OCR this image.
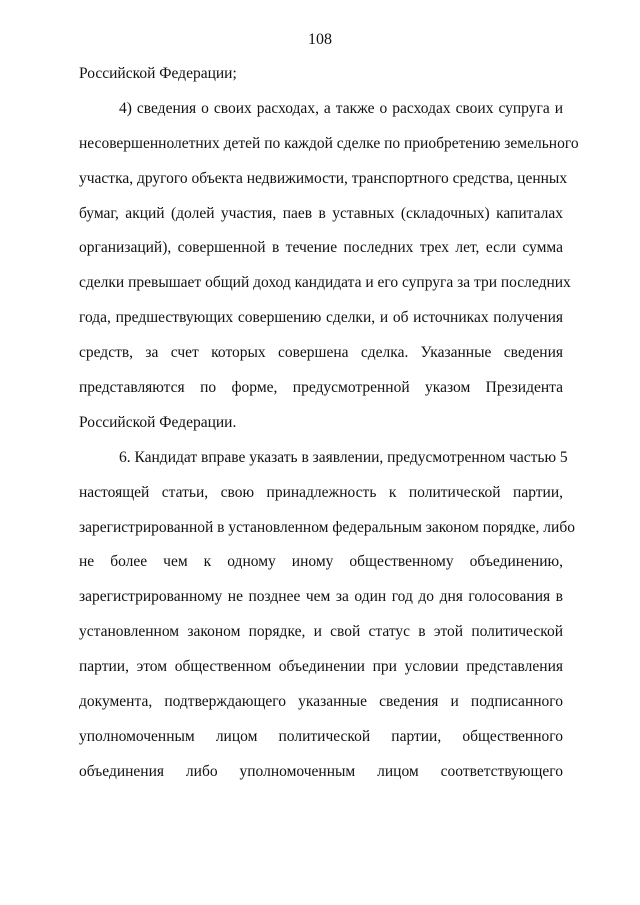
108
Российской Федерации;
4) сведения о своих расходах, а также о расходах своих супруга и
несовершеннолетних детей по каждой сделке по приобретению земельного
участка, другого объекта недвижимости, транспортного средства, ценных
бумаг, акций (долей участия, паев в уставных (складочных) капиталах
организаций), совершенной в течение последних трех лет, если сумма
сделки превышает общий доход кандидата и его супруга за три последних
года, предшествующих совершению сделки, и об источниках получения
средств, за счет которых совершена сделка. Указанные сведения
представляются по форме, предусмотренной указом Президента
Российской Федерации.
6. Кандидат вправе указать в заявлении, предусмотренном частью 5
настоящей статьи, свою принадлежность к политической партии,
зарегистрированной в установленном федеральным законом порядке, либо
не более чем к одному иному общественному объединению,
зарегистрированному не позднее чем за один год до дня голосования в
установленном законом порядке, и свой статус в этой политической
партии, этом общественном объединении при условии представления
документа, подтверждающего указанные сведения и подписанного
уполномоченным лицом политической партии, общественного
объединения либо уполномоченным лицом соответствующего
